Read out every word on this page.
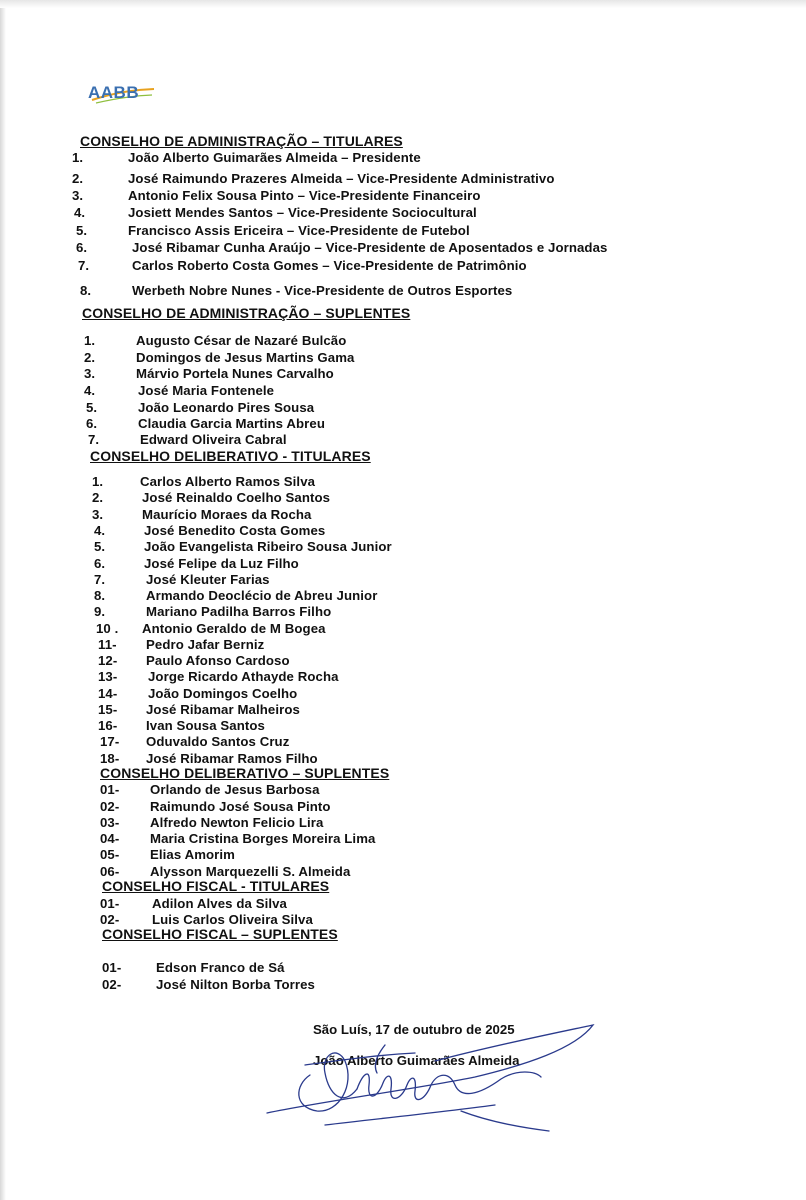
AABB
CONSELHO DE ADMINISTRAÇÃO – TITULARES
1.	João Alberto Guimarães Almeida – Presidente
2.	José Raimundo Prazeres Almeida – Vice-Presidente Administrativo
3.	Antonio Felix Sousa Pinto – Vice-Presidente Financeiro
4.	Josiett Mendes Santos – Vice-Presidente Sociocultural
5.	Francisco Assis Ericeira – Vice-Presidente de Futebol
6.	José Ribamar Cunha Araújo – Vice-Presidente de Aposentados e Jornadas
7.	Carlos Roberto Costa Gomes – Vice-Presidente de Patrimônio
8.	Werbeth Nobre Nunes - Vice-Presidente de Outros Esportes
CONSELHO DE ADMINISTRAÇÃO – SUPLENTES
1.	Augusto César de Nazaré Bulcão
2.	Domingos de Jesus Martins Gama
3.	Márvio Portela Nunes Carvalho
4.	José Maria Fontenele
5.	João Leonardo Pires Sousa
6.	Claudia Garcia Martins Abreu
7.	Edward Oliveira Cabral
CONSELHO DELIBERATIVO - TITULARES
1.	Carlos Alberto Ramos Silva
2.	José Reinaldo Coelho Santos
3.	Maurício Moraes da Rocha
4.	José Benedito Costa Gomes
5.	João Evangelista Ribeiro Sousa Junior
6.	José Felipe da Luz Filho
7.	José Kleuter Farias
8.	Armando Deoclécio de Abreu Junior
9.	Mariano Padilha Barros Filho
10 . Antonio Geraldo de M Bogea
11- Pedro Jafar Berniz
12- Paulo Afonso Cardoso
13- Jorge Ricardo Athayde Rocha
14- João Domingos Coelho
15- José Ribamar Malheiros
16- Ivan Sousa Santos
17- Oduvaldo Santos Cruz
18- José Ribamar Ramos Filho
CONSELHO DELIBERATIVO – SUPLENTES
01- Orlando de Jesus Barbosa
02- Raimundo José Sousa Pinto
03- Alfredo Newton Felicio Lira
04- Maria Cristina Borges Moreira Lima
05- Elias Amorim
06- Alysson Marquezelli S. Almeida
CONSELHO FISCAL - TITULARES
01- Adilon Alves da Silva
02- Luis Carlos Oliveira Silva
CONSELHO FISCAL – SUPLENTES
01-	Edson Franco de Sá
02-	José Nilton Borba Torres
São Luís, 17 de outubro de 2025
João Alberto Guimarães Almeida
